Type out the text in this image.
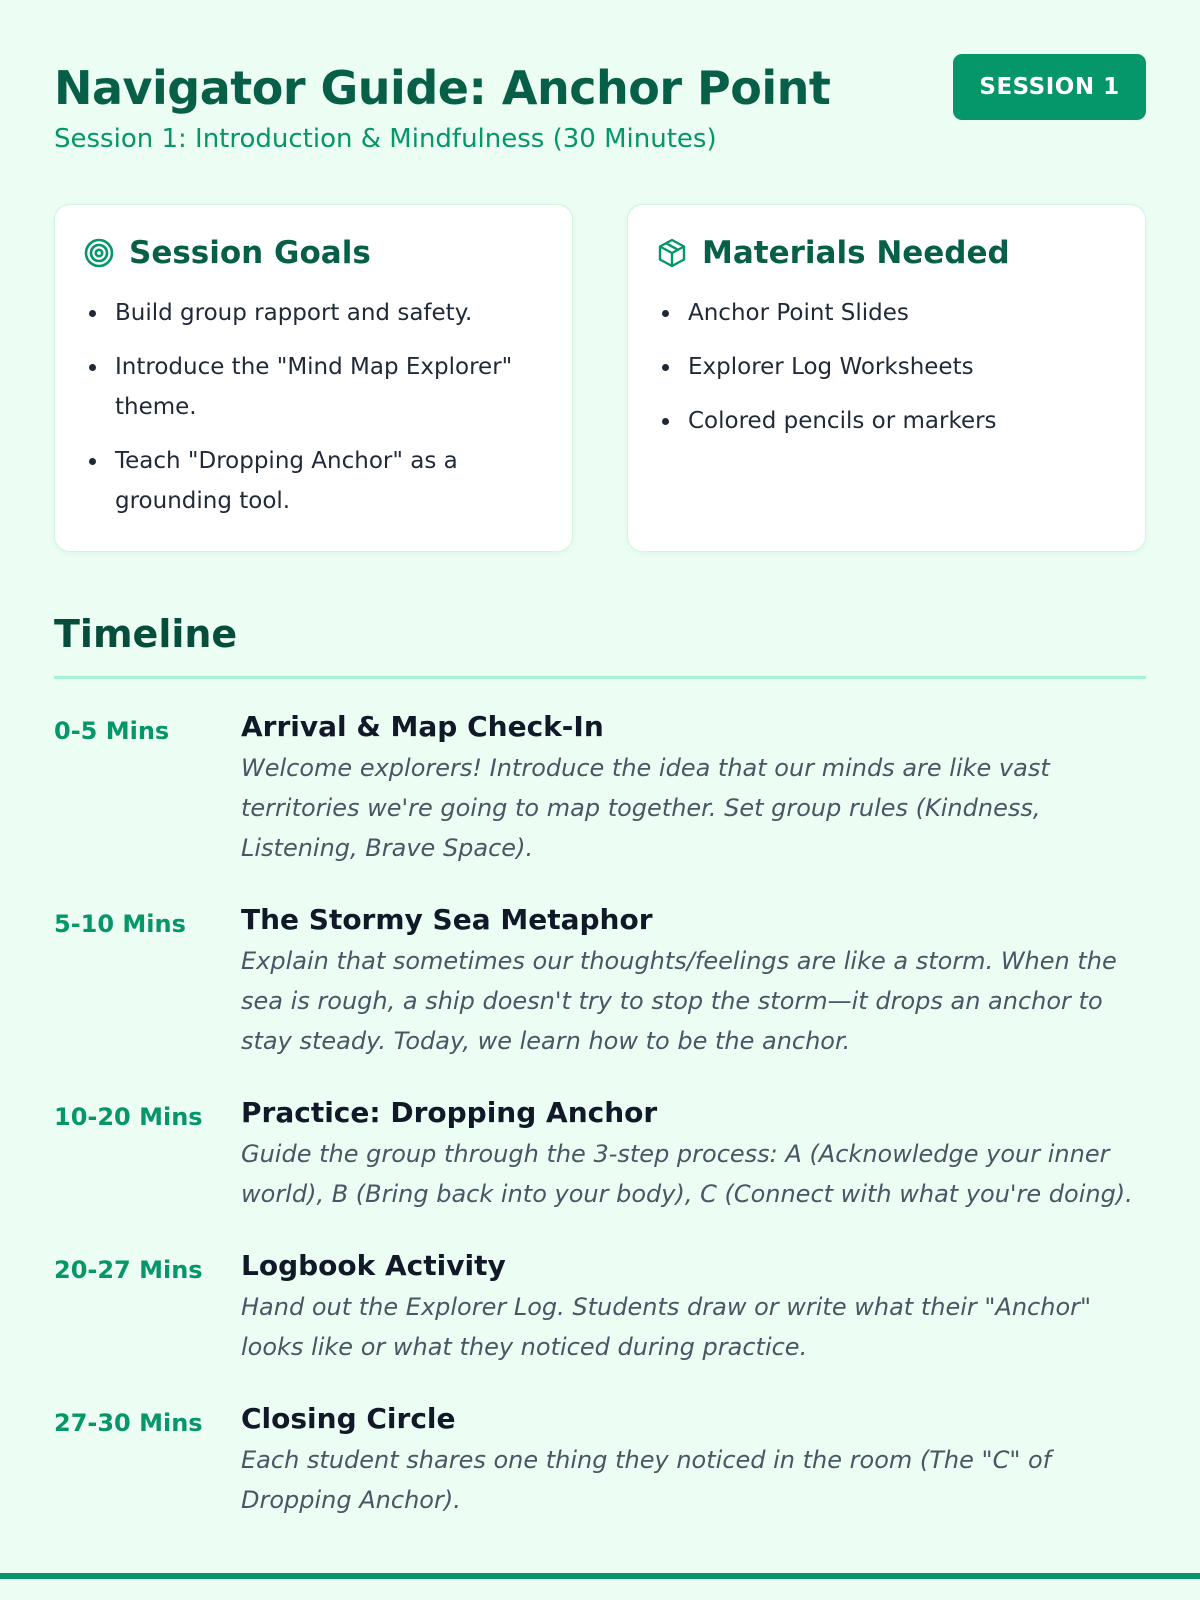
Navigator Guide: Anchor Point
Session 1: Introduction & Mindfulness (30 Minutes)
SESSION 1
Session Goals
Build group rapport and safety.
Introduce the "Mind Map Explorer" theme.
Teach "Dropping Anchor" as a grounding tool.
Materials Needed
Anchor Point Slides
Explorer Log Worksheets
Colored pencils or markers
Timeline
0-5 Mins	Arrival & Map Check-In
Welcome explorers! Introduce the idea that our minds are like vast territories we're going to map together. Set group rules (Kindness, Listening, Brave Space).
5-10 Mins	The Stormy Sea Metaphor
Explain that sometimes our thoughts/feelings are like a storm. When the sea is rough, a ship doesn't try to stop the storm—it drops an anchor to stay steady. Today, we learn how to be the anchor.
10-20 Mins	Practice: Dropping Anchor
Guide the group through the 3-step process: A (Acknowledge your inner world), B (Bring back into your body), C (Connect with what you're doing).
20-27 Mins	Logbook Activity
Hand out the Explorer Log. Students draw or write what their "Anchor" looks like or what they noticed during practice.
27-30 Mins	Closing Circle
Each student shares one thing they noticed in the room (The "C" of Dropping Anchor).
